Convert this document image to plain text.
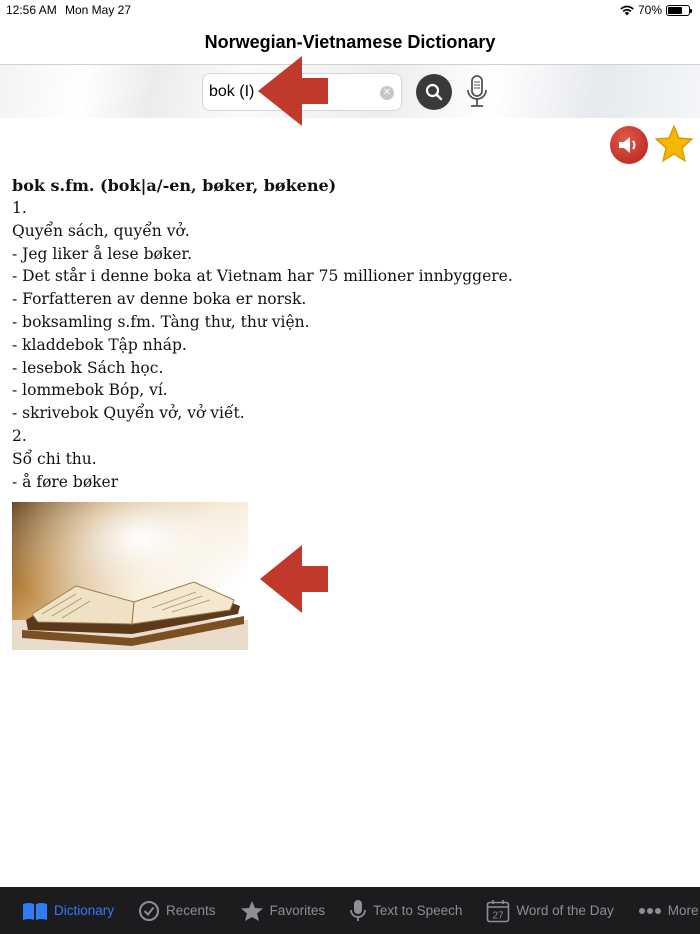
12:56 AM Mon May 27	70%
Norwegian-Vietnamese Dictionary
bok (I)
✕
bok s.fm. (bok|a/-en, bøker, bøkene)
1.
Quyển sách, quyển vở.
- Jeg liker å lese bøker.
- Det står i denne boka at Vietnam har 75 millioner innbyggere.
- Forfatteren av denne boka er norsk.
- boksamling s.fm. Tàng thư, thư viện.
- kladdebok Tập nháp.
- lesebok Sách học.
- lommebok Bóp, ví.
- skrivebok Quyển vở, vở viết.
2.
Sổ chi thu.
- å føre bøker
Dictionary	Recents	Favorites	Text to Speech	27 Word of the Day	More
